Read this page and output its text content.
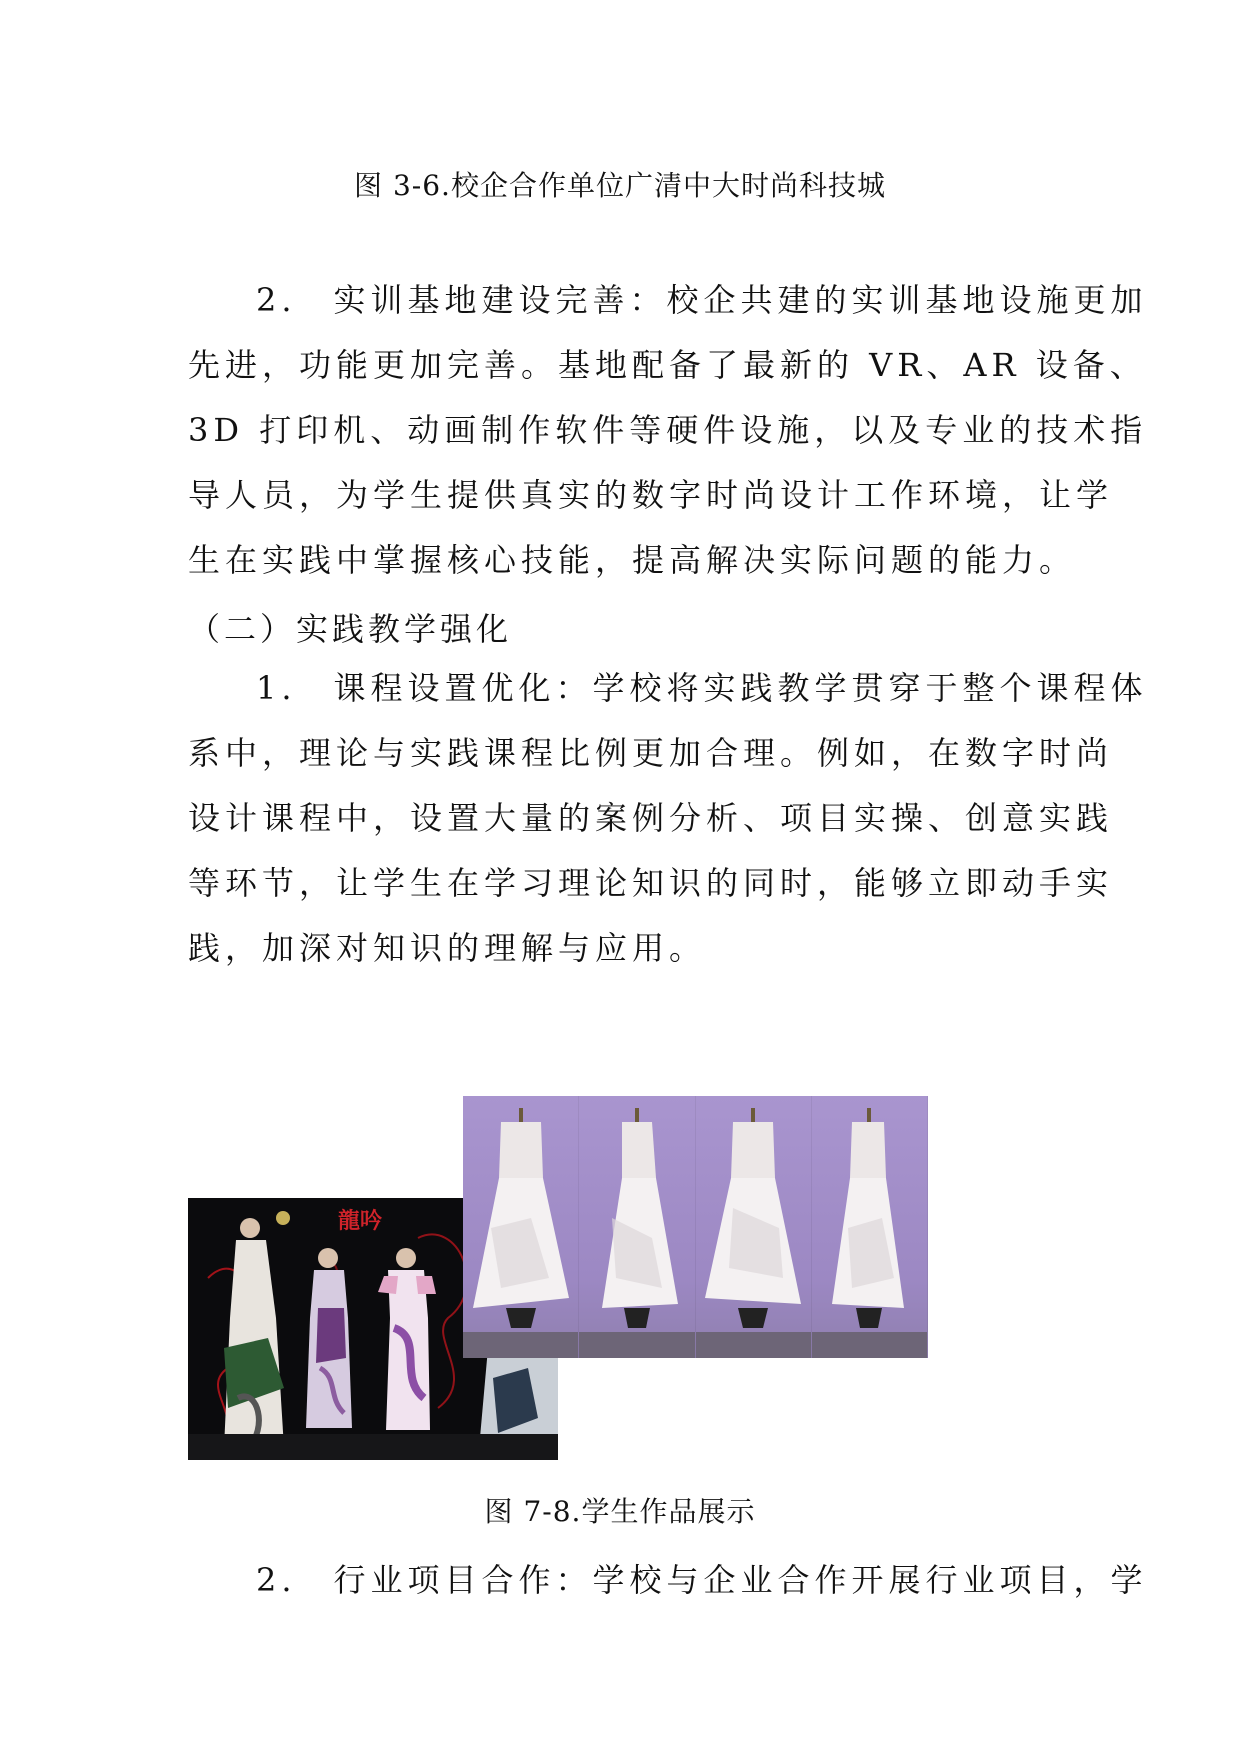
图 3-6.校企合作单位广清中大时尚科技城
2.　实训基地建设完善：校企共建的实训基地设施更加
先进，功能更加完善。基地配备了最新的 VR、AR 设备、
3D 打印机、动画制作软件等硬件设施，以及专业的技术指
导人员，为学生提供真实的数字时尚设计工作环境，让学
生在实践中掌握核心技能，提高解决实际问题的能力。
（二）实践教学强化
1.　课程设置优化：学校将实践教学贯穿于整个课程体
系中，理论与实践课程比例更加合理。例如，在数字时尚
设计课程中，设置大量的案例分析、项目实操、创意实践
等环节，让学生在学习理论知识的同时，能够立即动手实
践，加深对知识的理解与应用。
龍吟
图 7-8.学生作品展示
2.　行业项目合作：学校与企业合作开展行业项目，学
